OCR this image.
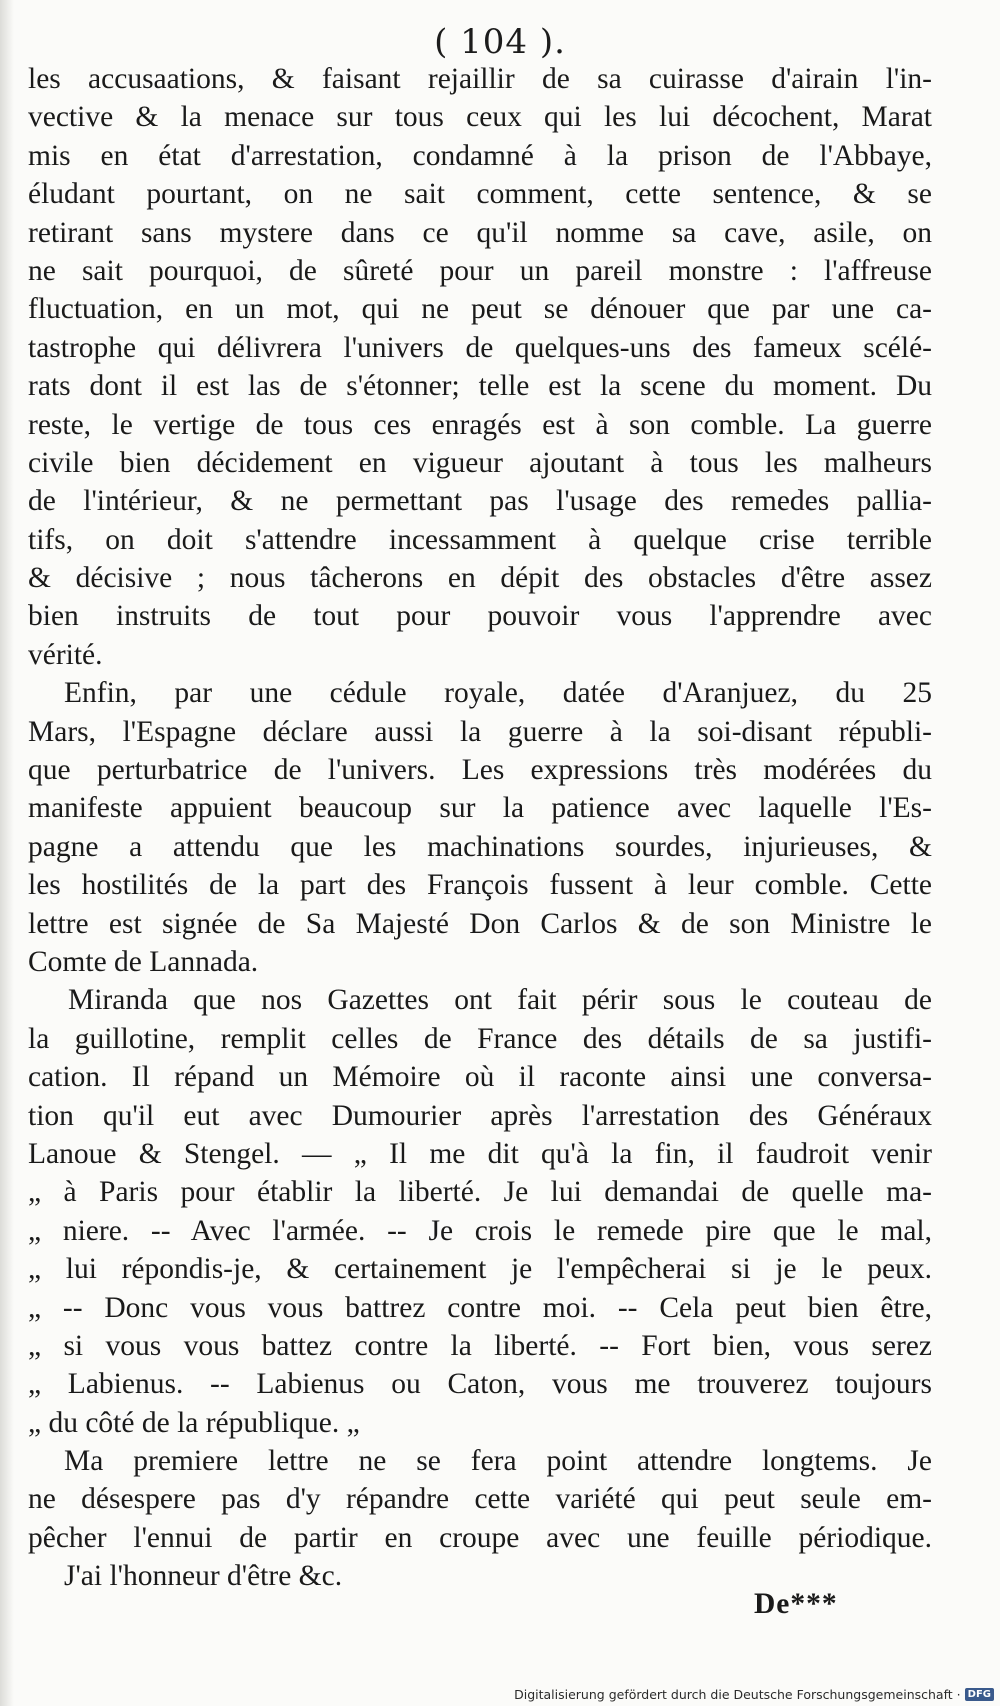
( 104 ).
les accusaations, & faisant rejaillir de sa cuirasse d'airain l'in-
vective & la menace sur tous ceux qui les lui décochent, Marat
mis en état d'arrestation, condamné à la prison de l'Abbaye,
éludant pourtant, on ne sait comment, cette sentence, & se
retirant sans mystere dans ce qu'il nomme sa cave, asile, on
ne sait pourquoi, de sûreté pour un pareil monstre : l'affreuse
fluctuation, en un mot, qui ne peut se dénouer que par une ca-
tastrophe qui délivrera l'univers de quelques-uns des fameux scélé-
rats dont il est las de s'étonner; telle est la scene du moment. Du
reste, le vertige de tous ces enragés est à son comble. La guerre
civile bien décidement en vigueur ajoutant à tous les malheurs
de l'intérieur, & ne permettant pas l'usage des remedes pallia-
tifs, on doit s'attendre incessamment à quelque crise terrible
& décisive ; nous tâcherons en dépit des obstacles d'être assez
bien instruits de tout pour pouvoir vous l'apprendre avec
vérité.
Enfin, par une cédule royale, datée d'Aranjuez, du 25
Mars, l'Espagne déclare aussi la guerre à la soi-disant républi-
que perturbatrice de l'univers. Les expressions très modérées du
manifeste appuient beaucoup sur la patience avec laquelle l'Es-
pagne a attendu que les machinations sourdes, injurieuses, &
les hostilités de la part des François fussent à leur comble. Cette
lettre est signée de Sa Majesté Don Carlos & de son Ministre le
Comte de Lannada.
Miranda que nos Gazettes ont fait périr sous le couteau de
la guillotine, remplit celles de France des détails de sa justifi-
cation. Il répand un Mémoire où il raconte ainsi une conversa-
tion qu'il eut avec Dumourier après l'arrestation des Généraux
Lanoue & Stengel. — „ Il me dit qu'à la fin, il faudroit venir
„ à Paris pour établir la liberté. Je lui demandai de quelle ma-
„ niere. -- Avec l'armée. -- Je crois le remede pire que le mal,
„ lui répondis-je, & certainement je l'empêcherai si je le peux.
„ -- Donc vous vous battrez contre moi. -- Cela peut bien être,
„ si vous vous battez contre la liberté. -- Fort bien, vous serez
„ Labienus. -- Labienus ou Caton, vous me trouverez toujours
„ du côté de la république. „
Ma premiere lettre ne se fera point attendre longtems. Je
ne désespere pas d'y répandre cette variété qui peut seule em-
pêcher l'ennui de partir en croupe avec une feuille périodique.
J'ai l'honneur d'être &c.
De***
Digitalisierung gefördert durch die Deutsche Forschungsgemeinschaft · DFG
